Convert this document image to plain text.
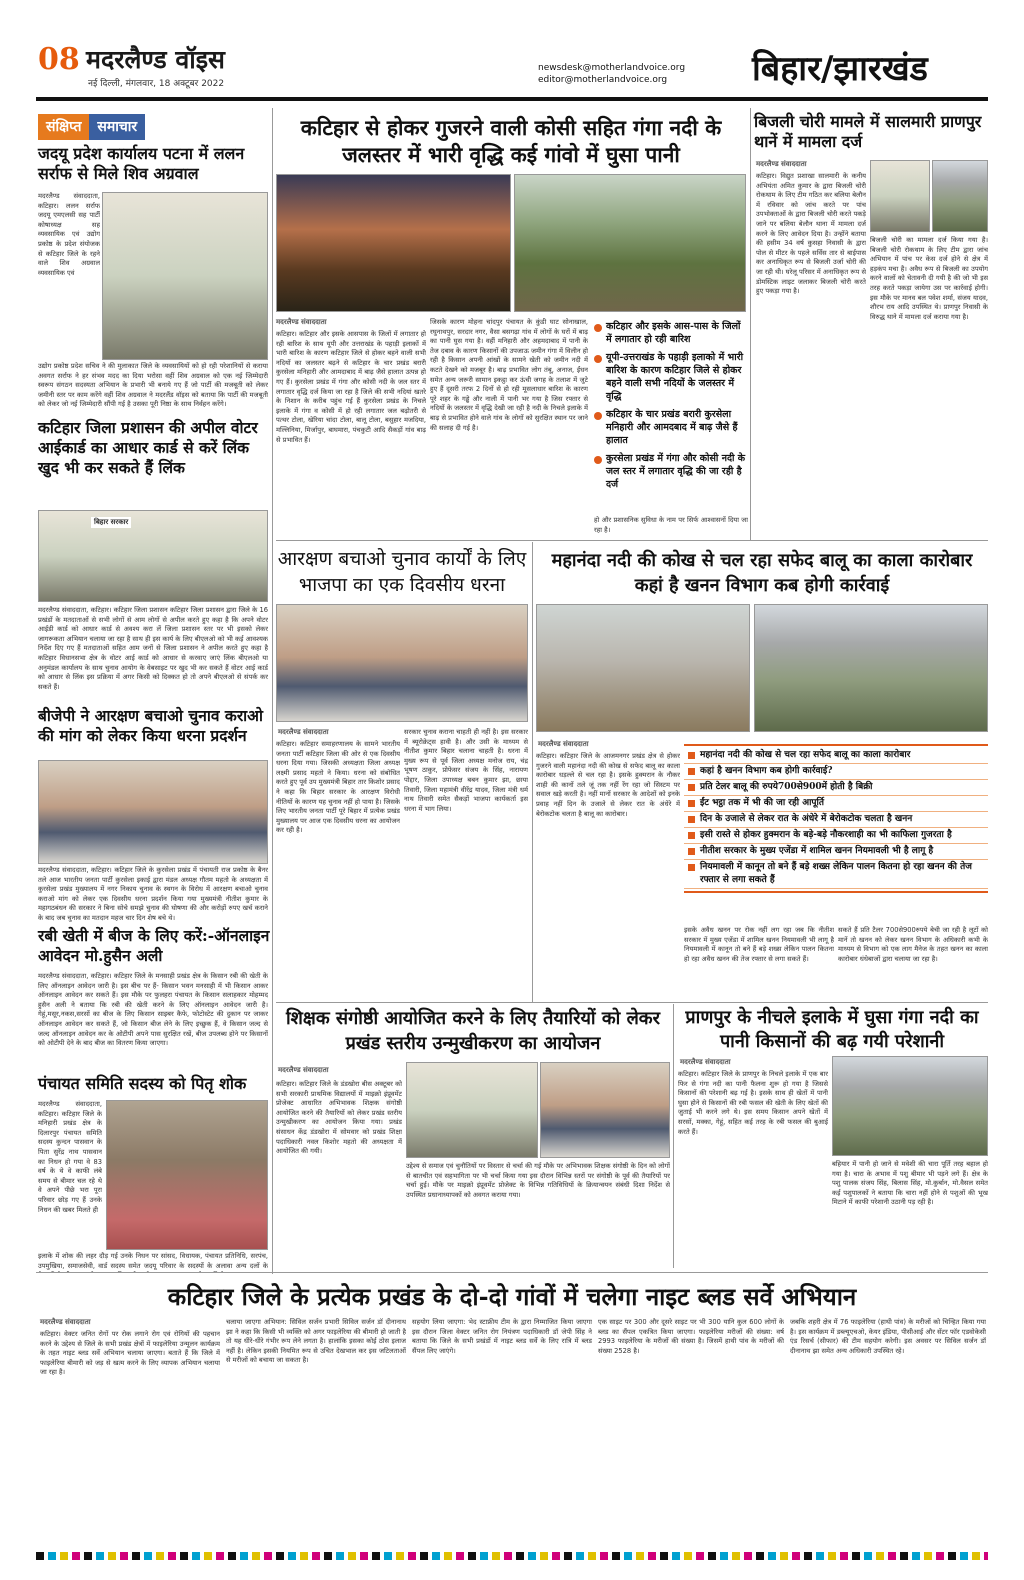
08 मदरलैण्ड वॉइस
नई दिल्ली, मंगलवार, 18 अक्टूबर 2022
newsdesk@motherlandvoice.org
editor@motherlandvoice.org	बिहार/झारखंड
संक्षिप्त	समाचार
जदयू प्रदेश कार्यालय पटना में ललन सर्राफ से मिले शिव अग्रवाल
मदरलैण्ड संवाददाता, कटिहार। ललन सर्राफ जदयू एमएलसी सह पार्टी कोषाध्यक्ष सह व्यवसायिक एवं उद्योग प्रकोष्ठ के प्रदेश संयोजक से कटिहार जिले के रहने वाले शिव अग्रवाल व्यवसायिक एवं
उद्योग प्रकोष्ठ प्रदेश सचिव ने की मुलाकात जिले के व्यवसायियों को हो रही परेशानियों से कराया अवगत सर्राफ ने हर संभव मदद का दिया भरोसा वहीं शिव अग्रवाल को एक नई जिम्मेदारी स्वरूप संगठन सदस्यता अभियान के प्रभारी भी बनाये गए हैं जो पार्टी की मजबूती को लेकर जमीनी स्तर पर काम करेंगे वहीं शिव अग्रवाल ने मदरलैंड वॉइस को बताया कि पार्टी की मजबूती को लेकर जो नई जिम्मेदारी सौंपी गई है उसका पूरी निष्ठा के साथ निर्वहन करेंगे।
कटिहार जिला प्रशासन की अपील वोटर आईकार्ड का आधार कार्ड से करें लिंक खुद भी कर सकते हैं लिंक
बिहार सरकार
मदरलैण्ड संवाददाता, कटिहार। कटिहार जिला प्रशासन कटिहार जिला प्रशासन द्वारा जिले के 16 प्रखंडों के मतदाताओं से सभी लोगों से आम लोगों से अपील करते हुए कहा है कि अपने वोटर आईडी कार्ड को आधार कार्ड से अवश्य करा लें जिला प्रशासन स्तर पर भी इसको लेकर जागरूकता अभियान चलाया जा रहा है साथ ही इस कार्य के लिए बीएलओ को भी कई आवश्यक निर्देश दिए गए हैं मतदाताओं सहित आम जनों से जिला प्रशासन ने अपील करते हुए कहा है कटिहार विधानसभा क्षेत्र के वोटर आई कार्ड को आधार से करवाए जाएं लिंक बीएलओ या अनुमंडल कार्यालय के साथ चुनाव आयोग के वेबसाइट पर खुद भी कर सकते हैं वोटर आई कार्ड को आधार से लिंक इस प्रक्रिया में अगर किसी को दिक्कत हो तो अपने बीएलओ से संपर्क कर सकते हैं।
बीजेपी ने आरक्षण बचाओ चुनाव कराओ की मांग को लेकर किया धरना प्रदर्शन
मदरलैण्ड संवाददाता, कटिहार। कटिहार जिले के कुरसेला प्रखंड में पंचायती राज प्रकोष्ठ के बैनर तले आज भारतीय जनता पार्टी कुरसेला इकाई द्वारा मंडल अध्यक्ष गौतम महतो के अध्यक्षता में कुरसेला प्रखंड मुख्यालय में नगर निकाय चुनाव के स्थगन के विरोध में आरक्षण बचाओ चुनाव कराओ मांग को लेकर एक दिवसीय धरना प्रदर्शन किया गया मुख्यमंत्री नीतीश कुमार के महागठबंधन की सरकार ने बिना सोचे समझे चुनाव की घोषणा की और करोड़ों रुपए खर्च कराने के बाद जब चुनाव का मतदान महज चार दिन शेष बचे थे।
रबी खेती में बीज के लिए करें:-ऑनलाइन आवेदन मो.हुसैन अली
मदरलैण्ड संवाददाता, कटिहार। कटिहार जिले के मनसाही प्रखंड क्षेत्र के किसान रबी की खेती के लिए ऑनलाइन आवेदन जारी है। इस बीच पर हैं- किसान भवन मनसाही में भी किसान आकर ऑनलाइन आवेदन कर सकते हैं। इस मौके पर फुलहरा पंचायत के किसान सलाहकार मोहम्मद हुसैन अली ने बताया कि रबी की खेती करने के लिए ऑनलाइन आवेदन जारी है। गेहूं,मसूर,नकस,सरसों का बीज के लिए किसान साइबर कैफे, फोटोस्टेट की दुकान पर जाकर ऑनलाइन आवेदन कर सकते हैं, जो किसान बीज लेने के लिए इच्छुक हैं, वे किसान जल्द से जल्द ऑनलाइन आवेदन कर के ओटीपी अपने पास सुरक्षित रखें, बीज उपलब्ध होने पर किसानों को ओटीपी देने के बाद बीज का वितरण किया जाएगा।
पंचायत समिति सदस्य को पितृ शोक
मदरलैण्ड संवाददाता, कटिहार। कटिहार जिले के मनिहारी प्रखंड क्षेत्र के दिलारपुर पंचायत समिति सदस्य कुन्दन पासवान के पिता सुरेंद्र नाथ पासवान का निधन हो गया वे 83 वर्ष के थे वे काफी लंबे समय से बीमार चल रहे थे वे अपने पीछे भरा पूरा परिवार छोड़ गए हैं उनके निधन की खबर मिलते ही
इलाके में शोक की लहर दौड़ गई उनके निधन पर सांसद, विधायक, पंचायत प्रतिनिधि, सरपंच, उपमुखिया, समाजसेवी, वार्ड सदस्य समेत जदयू परिवार के सदस्यों के अलावा अन्य दलों के
कटिहार से होकर गुजरने वाली कोसी सहित गंगा नदी के जलस्तर में भारी वृद्धि कई गांवो में घुसा पानी
मदरलैण्ड संवाददाता
कटिहार। कटिहार और इसके आसपास के जिलों में लगातार हो रही बारिश के साथ यूपी और उत्तराखंड के पहाड़ी इलाकों में भारी बारिश के कारण कटिहार जिले से होकर बहने वाली सभी नदियों का जलस्तर बढ़ने से कटिहार के चार प्रखंड बरारी कुरसेला मनिहारी और आमदाबाद में बाढ़ जैसे हालात उत्पन्न हो गए हैं। कुरसेला प्रखंड में गंगा और कोसी नदी के जल स्तर में लगातार वृद्धि दर्ज किया जा रहा है जिले की सभी नदियां खतरे के निशान के करीब पहुंच गई हैं कुरसेला प्रखंड के निचले इलाके में गंगा व कोसी में हो रही लगातार जल बढ़ोतरी से पत्थर टोला, खेरिया चांदा टोला, बालू टोला, बसुहार मजदिया, मल्लिनिया, मिर्जापुर, बाघमारा, पंचकुटी आदि सैकड़ों गांव बाढ़ से प्रभावित हैं।
जिसके कारण मोहना चांदपुर पंचायत के कुंडी घाट सोनाखाल, रघुनाथपुर, सरदार नगर, वैसा बसगढ़ा गांव में लोगों के घरों में बाढ़ का पानी घुस गया है। वहीं मनिहारी और अहमदाबाद में पानी के तेज दबाव के कारण किसानों की उपजाऊ जमीन गंगा में विलीन हो रही है किसान अपनी आंखों के सामने खेती को जमीन नदी में कटते देखने को मजबूर है। बाढ़ प्रभावित लोग तंबू, अनाज, ईंधन समेत अन्य जरूरी सामान इकट्ठा कर ऊंची जगह के तलाश में जुटे हुए हैं दूसरी तरफ 2 दिनों से हो रही मूसलाधार बारिश के कारण पूरे शहर के गड्ढे और नाली में पानी भर गया है जिस रफ्तार से नदियों के जलस्तर में वृद्धि देखी जा रही है नदी के निचले इलाके में बाढ़ से प्रभावित होने वाले गांव के लोगों को सुरक्षित स्थान पर जाने की सलाह दी गई है।
कटिहार और इसके आस-पास के जिलों में लगातार हो रही बारिश
यूपी-उत्तराखंड के पहाड़ी इलाको में भारी बारिश के कारण कटिहार जिले से होकर बहने वाली सभी नदियों के जलस्तर में वृद्धि
कटिहार के चार प्रखंड बरारी कुरसेला मनिहारी और आमदबाद में बाढ़ जैसे हैं हालात
कुरसेला प्रखंड में गंगा और कोसी नदी के जल स्तर में लगातार वृद्धि की जा रही है दर्ज
हो और प्रशासनिक सुविधा के नाम पर सिर्फ आश्वासनों दिया जा रहा है।
बिजली चोरी मामले में सालमारी प्राणपुर थानें में मामला दर्ज
मदरलैण्ड संवाददाता
कटिहार। विद्युत प्रशाखा सालमारी के कनीय अभियंता अमित कुमार के द्वारा बिजली चोरी रोकथाम के लिए टीम गठित कर बलिया बेलौन में रविवार को जांच करते पर पांच उपभोक्ताओं के द्वारा बिजली चोरी करते पकड़े जाने पर बलिया बेलौन थाना में मामला दर्ज करने के लिए आवेदन दिया है। उन्होंने बताया की हसीम 34 वर्ष कुसहा निवासी के द्वारा पोल से मीटर के पहले सर्विस तार से बाईपास कर अनाधिकृत रूप से बिजली उर्जा चोरी की जा रही थी। घरेलू परिसर में अनाधिकृत रूप से डोमस्टिक लाइट जलाकर बिजली चोरी करते हुए पकड़ा गया है।
बिजली चोरी का मामला दर्ज किया गया है। बिजली चोरी रोकथाम के लिए टीम द्वारा जांच अभियान में पांच पर केस दर्ज होने से क्षेत्र में हड़कंप मचा है। अवैध रूप से बिजली का उपयोग करने वालों को चेतावनी दी गयी है की जो भी इस तरह करते पकड़ा जायेगा उस पर कार्रवाई होगी। इस मौके पर मानव बल पवेश शर्मा, संजय यादव, शौरभ राय आदि उपस्थित थे। प्राणपुर निवासी के विरुद्ध थाने में मामला दर्ज कराया गया है।
आरक्षण बचाओ चुनाव कार्यों के लिए भाजपा का एक दिवसीय धरना
मदरलैण्ड संवाददाता
कटिहार। कटिहार समाहरणालय के सामने भारतीय जनता पार्टी कटिहार जिला की ओर से एक दिवसीय धरना दिया गया। जिसकी अध्यक्षता जिला अध्यक्ष लक्ष्मी प्रसाद महतो ने किया। धरना को संबोधित करते हुए पूर्व उप मुख्यमंत्री बिहार तार किशोर प्रसाद ने कहा कि बिहार सरकार के आरक्षण विरोधी नीतियों के कारण यह चुनाव नहीं हो पाया है। जिसके लिए भारतीय जनता पार्टी पूरे बिहार में प्रत्येक प्रखंड मुख्यालय पर आज एक दिवसीय धरना का आयोजन कर रही है।
सरकार चुनाव कराना चाहती ही नहीं है। इस सरकार में ब्यूरोक्रेट्स हावी है। और उसी के माध्यम से नीतीश कुमार बिहार चलाना चाहती है। धरना में मुख्य रूप से पूर्व जिला अध्यक्ष मनोज राय, चंद्र भूषण ठाकुर, प्रोफेसर संजय के सिंह, नारायण पोद्दार, जिला उपाध्यक्ष बबन कुमार झा, छाया तिवारी, जिला महामंत्री वीरेंद्र यादव, जिला मंत्री धर्म नाथ तिवारी समेत सैकड़ों भाजपा कार्यकर्ता इस धरना में भाग लिया।
महानंदा नदी की कोख से चल रहा सफेद बालू का काला कारोबार कहां है खनन विभाग कब होगी कार्रवाई
मदरलैण्ड संवाददाता
कटिहार। कटिहार जिले के आजमनगर प्रखंड क्षेत्र से होकर गुजरने वाली महानंदा नदी की कोख से सफेद बालू का काला कारोबार धड़ल्ले से चल रहा है। इसके हुक्मरान के नौकर शाही की कानों तले जूं तक नहीं रेंग रहा जो सिस्टम पर सवाल खड़े करती है। नहीं मानों सरकार के आदेशों को इनके प्रवाह नहीं दिन के उजाले से लेकर रात के अंधेरे में बेरोकटोक चलता है बालू का कारोबार।
महानंदा नदी की कोख से चल रहा सफेद बालू का काला कारोबार
कहां है खनन विभाग कब होगी कार्रवाई?
प्रति टेलर बालू की रुपये700से900में होती है बिक्री
ईंट भट्ठा तक में भी की जा रही आपूर्ति
दिन के उजाले से लेकर रात के अंधेरे में बेरोकटोक चलता है खनन
इसी रास्ते से होकर हुक्मरान के बड़े-बड़े नौकरशाही का भी काफिला गुजरता है
नीतीश सरकार के मुख्य एजेंडा में शामिल खनन नियमावली भी है लागू है
नियमावली में कानून तो बने हैं बड़े शख्स लेकिन पालन कितना हो रहा खनन की तेज रफ्तार से लगा सकते हैं
इसके अवैध खनन पर रोक नहीं लग रहा जब कि नीतीश सरकार में मुख्य एजेंडा में शामिल खनन नियमावली भी लागू है नियमावली में कानून तो बने हैं बड़े शख्स लेकिन पालन कितना हो रहा अवैध खनन की तेज रफ्तार से लगा सकते हैं।
सकते हैं प्रति टैलर 700से900रुपये बेची जा रही है लूटों को मानें तो खनन को लेकर खनन विभाग के अधिकारी कभी के माध्यम से विभाग को एक लाग मैनेज के तहत खनन का काला कारोबार धंधेबाजों द्वारा चलाया जा रहा है।
शिक्षक संगोष्ठी आयोजित करने के लिए तैयारियों को लेकर प्रखंड स्तरीय उन्मुखीकरण का आयोजन
मदरलैण्ड संवाददाता
कटिहार। कटिहार जिले के डंडखोरा बीस अक्टूबर को सभी सरकारी प्राथमिक विद्यालयों में माइक्रो इंप्रूवमेंट प्रोजेक्ट आधारित अभिभावक शिक्षक संगोष्ठी आयोजित करने की तैयारियों को लेकर प्रखंड स्तरीय उन्मुखीकरण का आयोजन किया गया। प्रखंड संसाधन केंद्र डंडखोरा में सोमवार को प्रखंड शिक्षा पदाधिकारी नवल किशोर महतो की अध्यक्षता में आयोजित की गयी।
उद्देश्य से समाज एवं चुनौतियों पर विस्तार से चर्चा की गई मौके पर अभिभावक शिक्षक संगोष्ठी के दिन को लोगों से बातचीत एवं सहभागिता पर भी चर्चा किया गया इस दौरान विभिन्न स्तरों पर संगोष्ठी के पूर्व की तैयारियों पर चर्चा हुई। मौके पर माइक्रो इंप्रूवमेंट प्रोजेक्ट के विभिन्न गतिविधियों के क्रियान्वयन संबंधी दिशा निर्देश से उपस्थित प्रधानाध्यापकों को अवगत कराया गया।
प्राणपुर के नीचले इलाके में घुसा गंगा नदी का पानी किसानों की बढ़ गयी परेशानी
मदरलैण्ड संवाददाता
कटिहार। कटिहार जिले के प्राणपुर के निचले इलाके में एक बार फिर से गंगा नदी का पानी फैलना शुरू हो गया है जिससे किसानों की परेशानी बढ़ गई है। इसके साथ ही खेतों में पानी घुसा होने से किसानों की रबी फसल की खेती के लिए खेतों की जुताई भी करने लगे थे। इस समय किसान अपने खेतों में सरसों, मक्का, गेहूं, सहित कई तरह के रबी फसल की बुआई करते हैं।
बहियार में पानी हो जाने से मवेशी की चारा पूर्ति तरह बहाल हो गया है। चारा के अभाव में पशु बीमार भी पड़ने लगे हैं। क्षेत्र के पशु पालक संजय सिंह, बिलास सिंह, मो.कुर्बान, मो.वैसल समेत कई पशुपालकों ने बताया कि चारा नहीं होने से पशुओं की भूख मिटाने में काफी परेशानी उठानी पड़ रही है।
कटिहार जिले के प्रत्येक प्रखंड के दो-दो गांवों में चलेगा नाइट ब्लड सर्वे अभियान
मदरलैण्ड संवाददाता
कटिहार। वेक्टर जनित रोगों पर रोक लगाने रोग एवं रोगियों की पहचान करने के उद्देश्य से जिले के सभी प्रखंड क्षेत्रों में फाइलेरिया उन्मूलन कार्यक्रम के तहत नाइट ब्लड सर्वे अभियान चलाया जाएगा। बताते हैं कि जिले में फाइलेरिया बीमारी को जड़ से खत्म करने के लिए व्यापक अभियान चलाया जा रहा है।
चलाया जाएगा अभियान: सिविल सर्जन प्रभारी सिविल सर्जन डॉ दीनानाथ झा ने कहा कि किसी भी व्यक्ति को अगर फाइलेरिया की बीमारी हो जाती है तो यह धीरे-धीरे गंभीर रूप लेने लगता है। हालांकि इसका कोई ठोस इलाज नहीं है। लेकिन इसकी नियमित रूप से उचित देखभाल कर इस जटिलताओं से मरीजों को बचाया जा सकता है।
सहयोग लिया जाएगा: भेद स्टाफ्रीय टीम के द्वारा निम्माजित किया जाएगा इस दौरान जिला वेक्टर जनित रोग नियंत्रण पदाधिकारी डॉ जेपी सिंह ने बताया कि जिले के सभी प्रखंडों में नाइट ब्लड सर्वे के लिए रात्रि में ब्लड सैंपल लिए जाएंगे।
एक साइट पर 300 और दूसरे साइट पर भी 300 यानि कुल 600 लोगों के ब्लड का सैंपल एकत्रित किया जाएगा। फाइलेरिया मरीजों की संख्या: वर्ष 2993 फाइलेरिया के मरीजों की संख्या है। जिसमें हाथी पांव के मरीजों की संख्या 2528 है।
जबकि शहरी क्षेत्र में 76 फाइलेरिया (हाथी पांव) के मरीजों को चिन्हित किया गया है। इस कार्यक्रम में डब्ल्यूएचओ, केयर इंडिया, पीसीआई और सेंटर फॉर एडवोकेसी एंड रिसर्च (सीफार) की टीम सहयोग करेगी। इस अवसर पर सिविल सर्जन डॉ दीनानाथ झा समेत अन्य अधिकारी उपस्थित रहे।
